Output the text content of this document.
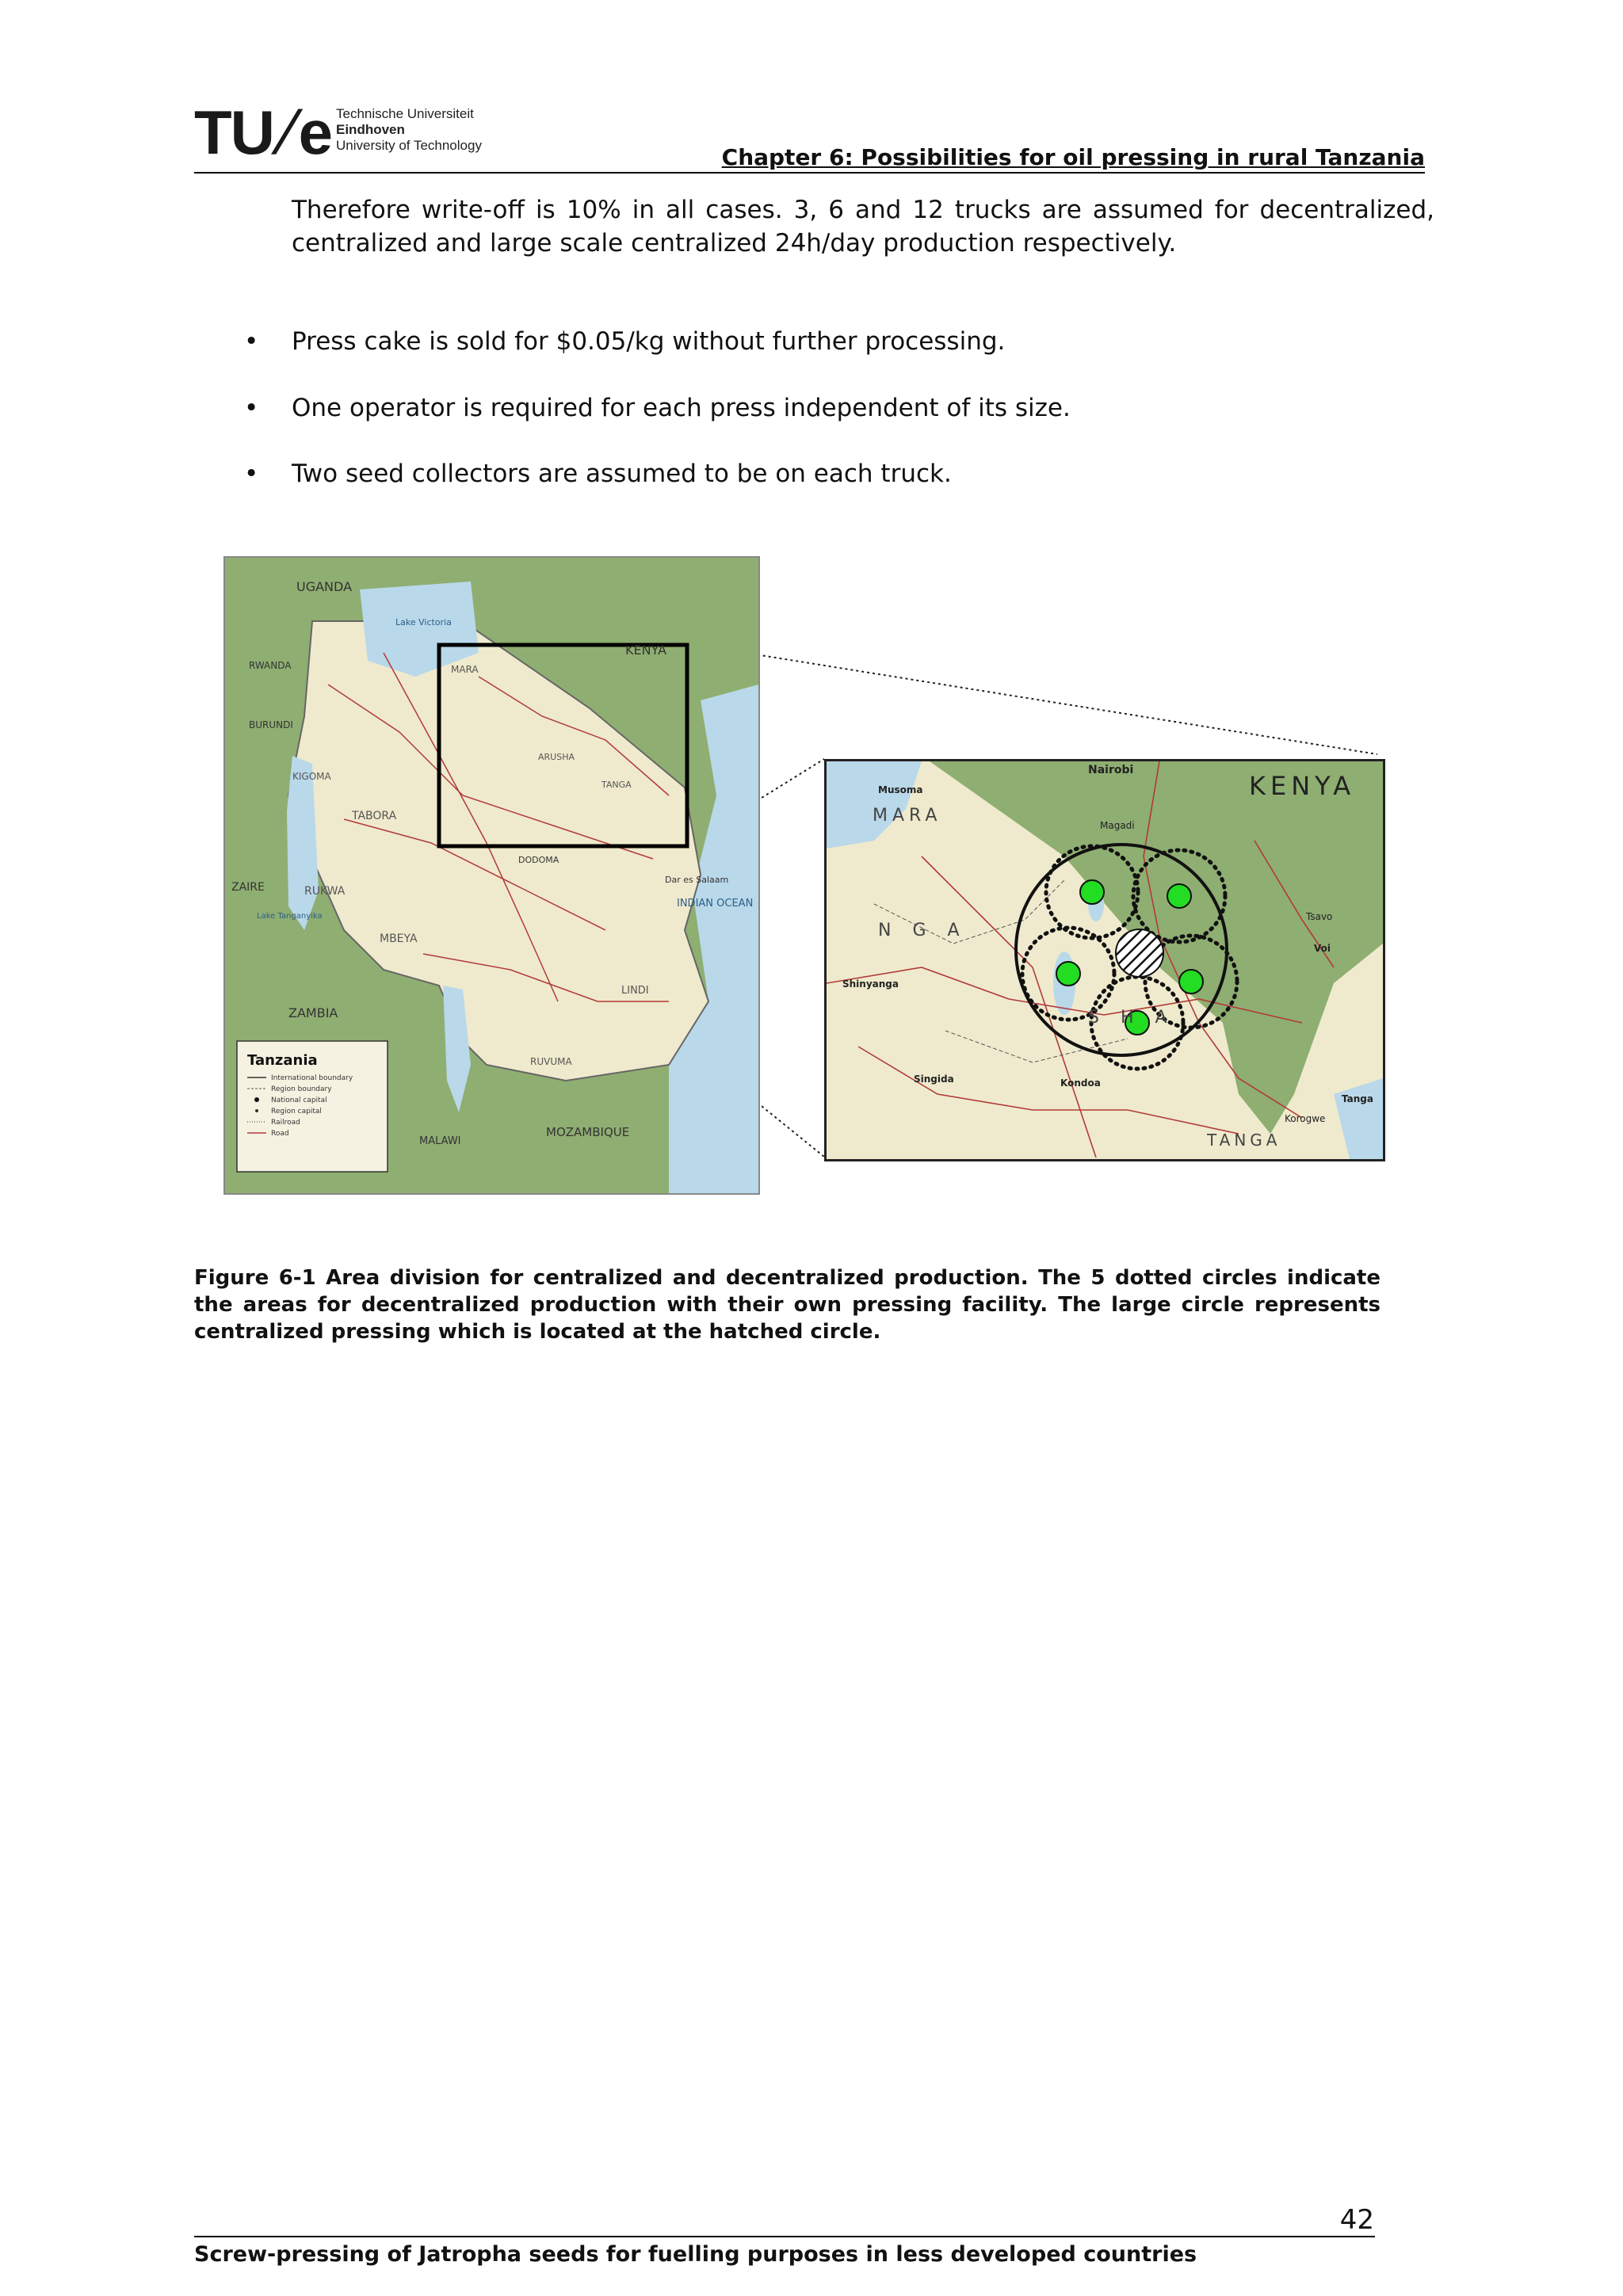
TU/e Technische Universiteit
Eindhoven
University of Technology	Chapter 6: Possibilities for oil pressing in rural Tanzania
Therefore write-off is 10% in all cases. 3, 6 and 12 trucks are assumed for decentralized, centralized and large scale centralized 24h/day production respectively.
• Press cake is sold for $0.05/kg without further processing.
• One operator is required for each press independent of its size.
• Two seed collectors are assumed to be on each truck.
UGANDA
KENYA
RWANDA
BURUNDI
ZAIRE
ZAMBIA
MALAWI
MOZAMBIQUE
INDIAN OCEAN
MARA
TANGA
ARUSHA
TABORA
RUKWA
MBEYA
LINDI
RUVUMA
KIGOMA
DODOMA
Dar es Salaam
Lake Victoria
Lake Tanganyika
Tanzania
International boundary
Region boundary
National capital
Region capital
Railroad
Road
KENYA
MARA
TANGA
Nairobi
Shinyanga
Singida	Kondoa
Tanga
Korogwe
Tsavo
Voi
Musoma
Magadi
N G A
S H A
Figure 6-1 Area division for centralized and decentralized production. The 5 dotted circles indicate the areas for decentralized production with their own pressing facility. The large circle represents centralized pressing which is located at the hatched circle.
42
Screw-pressing of Jatropha seeds for fuelling purposes in less developed countries
